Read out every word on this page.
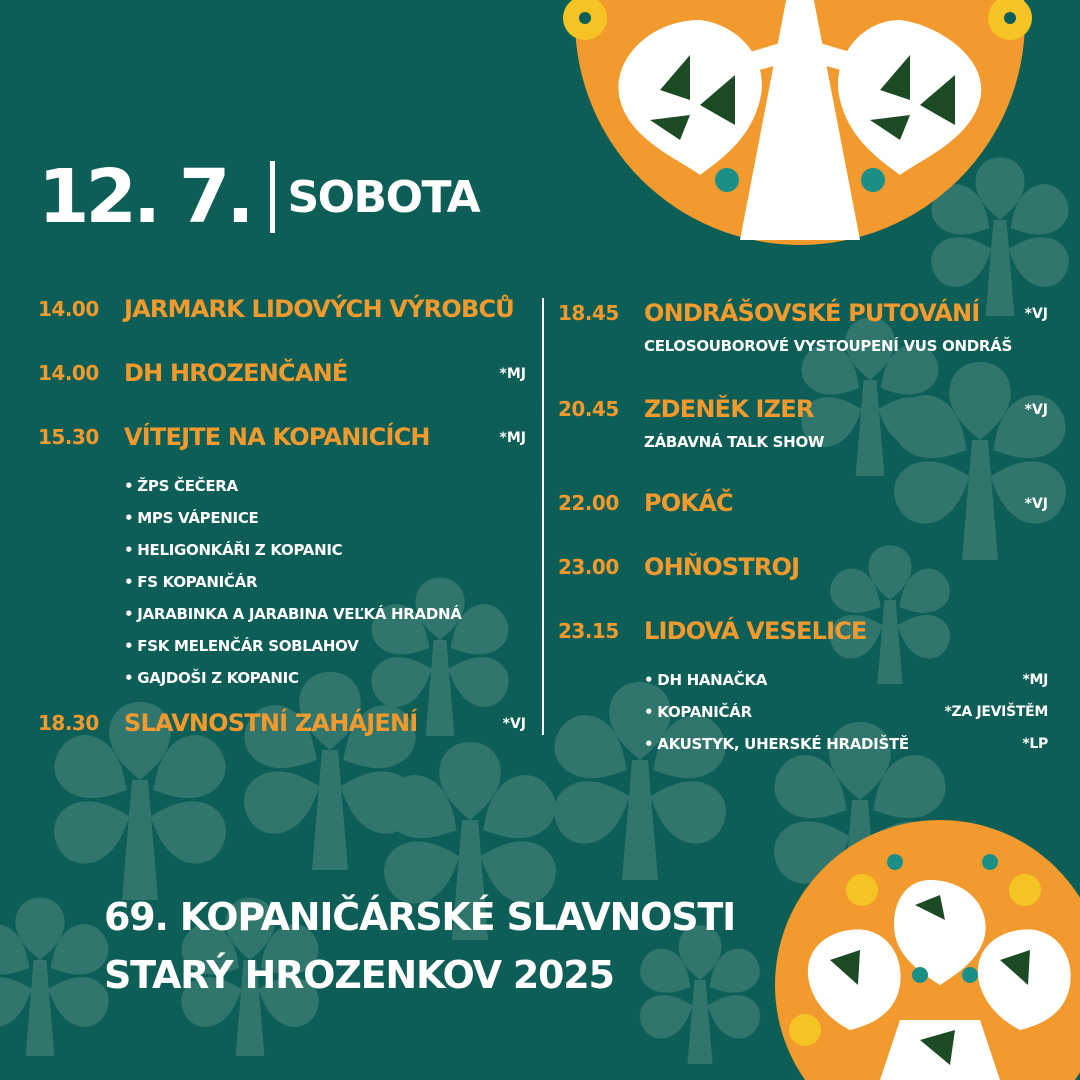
12. 7. SOBOTA
14.00	JARMARK LIDOVÝCH VÝROBCŮ
14.00	DH HROZENČANÉ	*MJ
15.30	VÍTEJTE NA KOPANICÍCH	*MJ
• ŽPS ČEČERA
• MPS VÁPENICE
• HELIGONKÁŘI Z KOPANIC
• FS KOPANIČÁR
• JARABINKA A JARABINA VEĽKÁ HRADNÁ
• FSK MELENČÁR SOBLAHOV
• GAJDOŠI Z KOPANIC
18.30	SLAVNOSTNÍ ZAHÁJENÍ	*VJ
18.45	ONDRÁŠOVSKÉ PUTOVÁNÍ	*VJ
CELOSOUBOROVÉ VYSTOUPENÍ VUS ONDRÁŠ
20.45	ZDENĚK IZER	*VJ
ZÁBAVNÁ TALK SHOW
22.00	POKÁČ	*VJ
23.00	OHŇOSTROJ
23.15	LIDOVÁ VESELICE
• DH HANAČKA	*MJ
• KOPANIČÁR	*ZA JEVIŠTĚM
• AKUSTYK, UHERSKÉ HRADIŠTĚ	*LP
69. KOPANIČÁRSKÉ SLAVNOSTI
STARÝ HROZENKOV 2025
